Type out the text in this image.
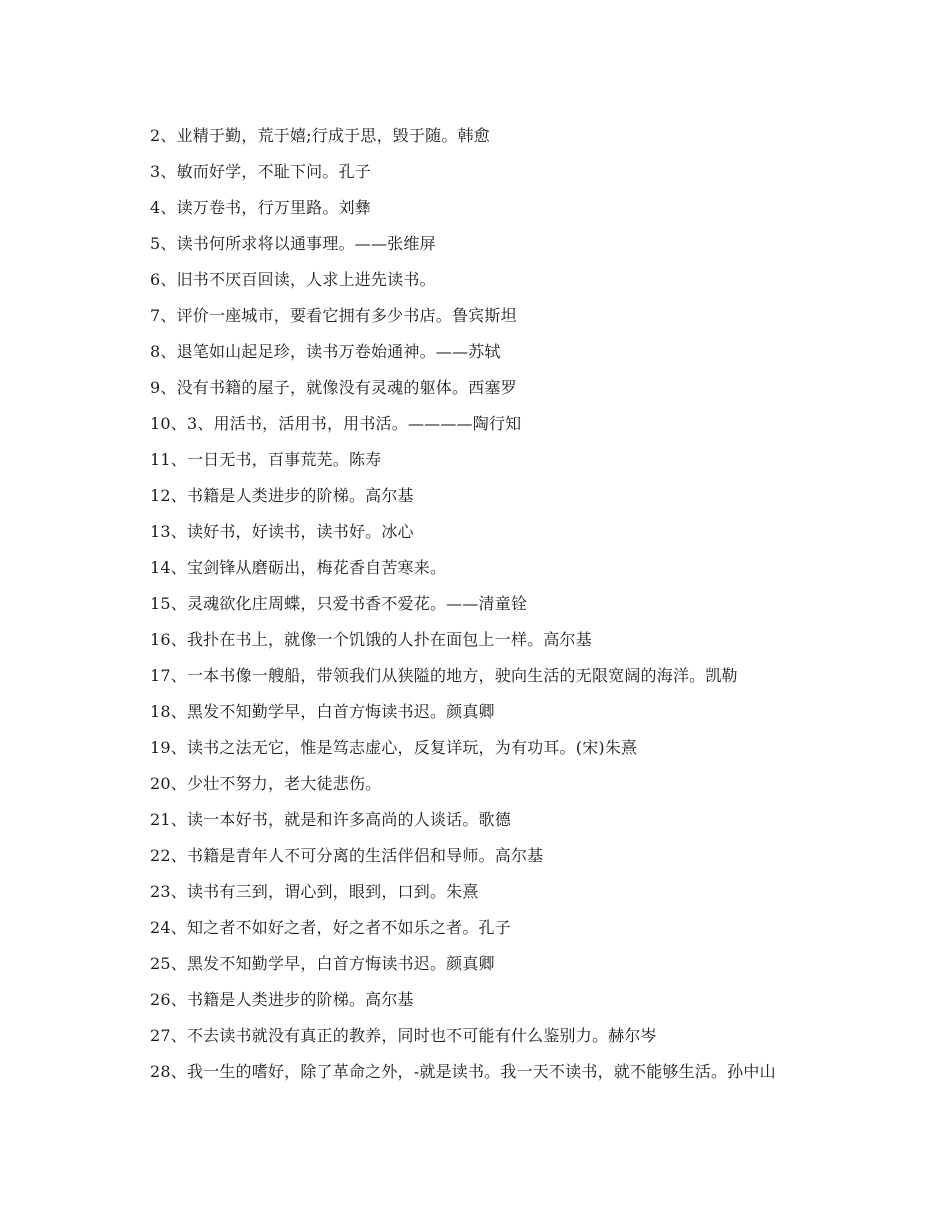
2、业精于勤，荒于嬉;行成于思，毁于随。韩愈
3、敏而好学，不耻下问。孔子
4、读万卷书，行万里路。刘彝
5、读书何所求将以通事理。——张维屏
6、旧书不厌百回读，人求上进先读书。
7、评价一座城市，要看它拥有多少书店。鲁宾斯坦
8、退笔如山起足珍，读书万卷始通神。——苏轼
9、没有书籍的屋子，就像没有灵魂的躯体。西塞罗
10、3、用活书，活用书，用书活。————陶行知
11、一日无书，百事荒芜。陈寿
12、书籍是人类进步的阶梯。高尔基
13、读好书，好读书，读书好。冰心
14、宝剑锋从磨砺出，梅花香自苦寒来。
15、灵魂欲化庄周蝶，只爱书香不爱花。——清童铨
16、我扑在书上，就像一个饥饿的人扑在面包上一样。高尔基
17、一本书像一艘船，带领我们从狭隘的地方，驶向生活的无限宽阔的海洋。凯勒
18、黑发不知勤学早，白首方悔读书迟。颜真卿
19、读书之法无它，惟是笃志虚心，反复详玩，为有功耳。(宋)朱熹
20、少壮不努力，老大徒悲伤。
21、读一本好书，就是和许多高尚的人谈话。歌德
22、书籍是青年人不可分离的生活伴侣和导师。高尔基
23、读书有三到，谓心到，眼到，口到。朱熹
24、知之者不如好之者，好之者不如乐之者。孔子
25、黑发不知勤学早，白首方悔读书迟。颜真卿
26、书籍是人类进步的阶梯。高尔基
27、不去读书就没有真正的教养，同时也不可能有什么鉴别力。赫尔岑
28、我一生的嗜好，除了革命之外，-就是读书。我一天不读书，就不能够生活。孙中山
